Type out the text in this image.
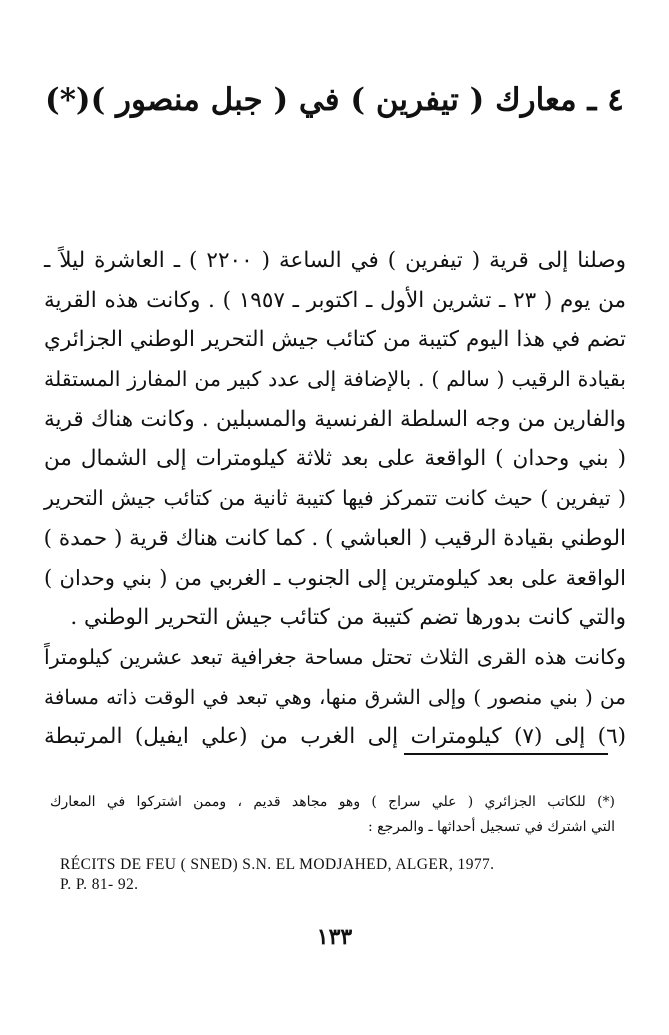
٤ ـ معارك ( تيفرين ) في ( جبل منصور )(*)
وصلنا إلى قرية ( تيفرين ) في الساعة ( ٢٢٠٠ ) ـ العاشرة ليلاً ـ
من يوم ( ٢٣ ـ تشرين الأول ـ اكتوبر ـ ١٩٥٧ ) . وكانت هذه القرية
تضم في هذا اليوم كتيبة من كتائب جيش التحرير الوطني الجزائري
بقيادة الرقيب ( سالم ) . بالإضافة إلى عدد كبير من المفارز المستقلة
والفارين من وجه السلطة الفرنسية والمسبلين . وكانت هناك قرية
( بني وحدان ) الواقعة على بعد ثلاثة كيلومترات إلى الشمال من
( تيفرين ) حيث كانت تتمركز فيها كتيبة ثانية من كتائب جيش التحرير
الوطني بقيادة الرقيب ( العباشي ) . كما كانت هناك قرية ( حمدة )
الواقعة على بعد كيلومترين إلى الجنوب ـ الغربي من ( بني وحدان )
والتي كانت بدورها تضم كتيبة من كتائب جيش التحرير الوطني .
وكانت هذه القرى الثلاث تحتل مساحة جغرافية تبعد عشرين كيلومتراً
من ( بني منصور ) وإلى الشرق منها، وهي تبعد في الوقت ذاته مسافة
(٦) إلى (٧) كيلومترات إلى الغرب من (علي ايفيل) المرتبطة
(*) للكاتب الجزائري ( علي سراج ) وهو مجاهد قديم ، وممن اشتركوا في المعارك
التي اشترك في تسجيل أحداثها ـ والمرجع :
RÉCITS DE FEU ( SNED) S.N. EL MODJAHED, ALGER, 1977.
P. P. 81- 92.
١٣٣
